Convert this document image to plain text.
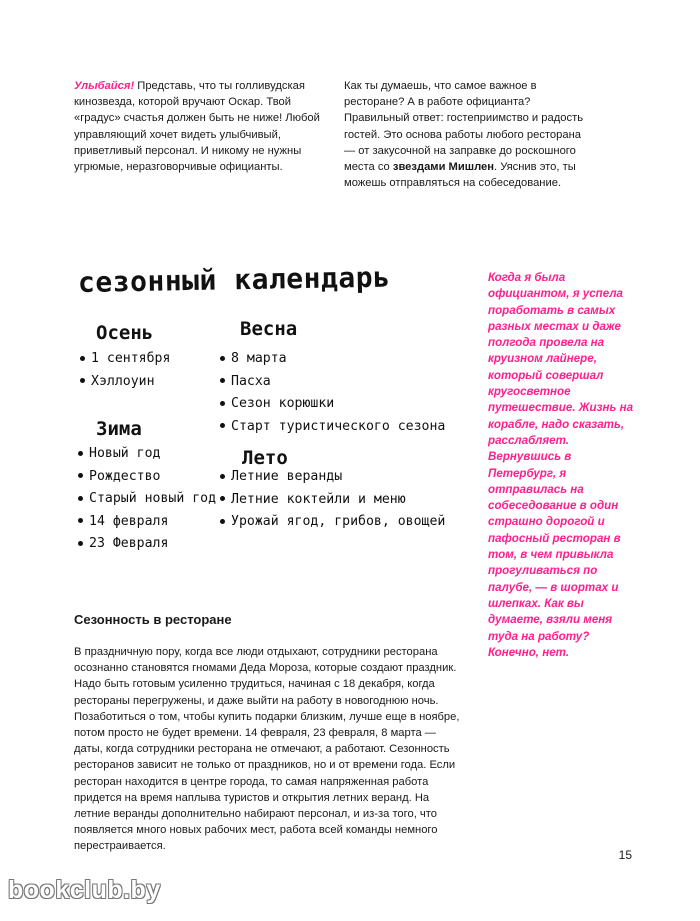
Улыбайся! Представь, что ты голливудская кинозвезда, которой вручают Оскар. Твой «градус» счастья должен быть не ниже! Любой управляющий хочет видеть улыбчивый, приветливый персонал. И никому не нужны угрюмые, неразговорчивые официанты.
Как ты думаешь, что самое важное в ресторане? А в работе официанта? Правильный ответ: гостеприимство и радость гостей. Это основа работы любого ресторана — от закусочной на заправке до роскошного места со звездами Мишлен. Уяснив это, ты можешь отправляться на собеседование.
сезонный календарь
Осень
1 сентября
Хэллоуин
Весна
8 марта
Пасха
Сезон корюшки
Старт туристического сезона
Зима
Новый год
Рождество
Старый новый год
14 февраля
23 Февраля
Лето
Летние веранды
Летние коктейли и меню
Урожай ягод, грибов, овощей
Сезонность в ресторане
В праздничную пору, когда все люди отдыхают, сотрудники ресторана осознанно становятся гномами Деда Мороза, которые создают праздник. Надо быть готовым усиленно трудиться, начиная с 18 декабря, когда рестораны перегружены, и даже выйти на работу в новогоднюю ночь. Позаботиться о том, чтобы купить подарки близким, лучше еще в ноябре, потом просто не будет времени. 14 февраля, 23 февраля, 8 марта — даты, когда сотрудники ресторана не отмечают, а работают. Сезонность ресторанов зависит не только от праздников, но и от времени года. Если ресторан находится в центре города, то самая напряженная работа придется на время наплыва туристов и открытия летних веранд. На летние веранды дополнительно набирают персонал, и из-за того, что появляется много новых рабочих мест, работа всей команды немного перестраивается.
Когда я была официантом, я успела поработать в самых разных местах и даже полгода провела на круизном лайнере, который совершал кругосветное путешествие. Жизнь на корабле, надо сказать, расслабляет. Вернувшись в Петербург, я отправилась на собеседование в один страшно дорогой и пафосный ресторан в том, в чем привыкла прогуливаться по палубе, — в шортах и шлепках. Как вы думаете, взяли меня туда на работу? Конечно, нет.
15
bookclub.by
